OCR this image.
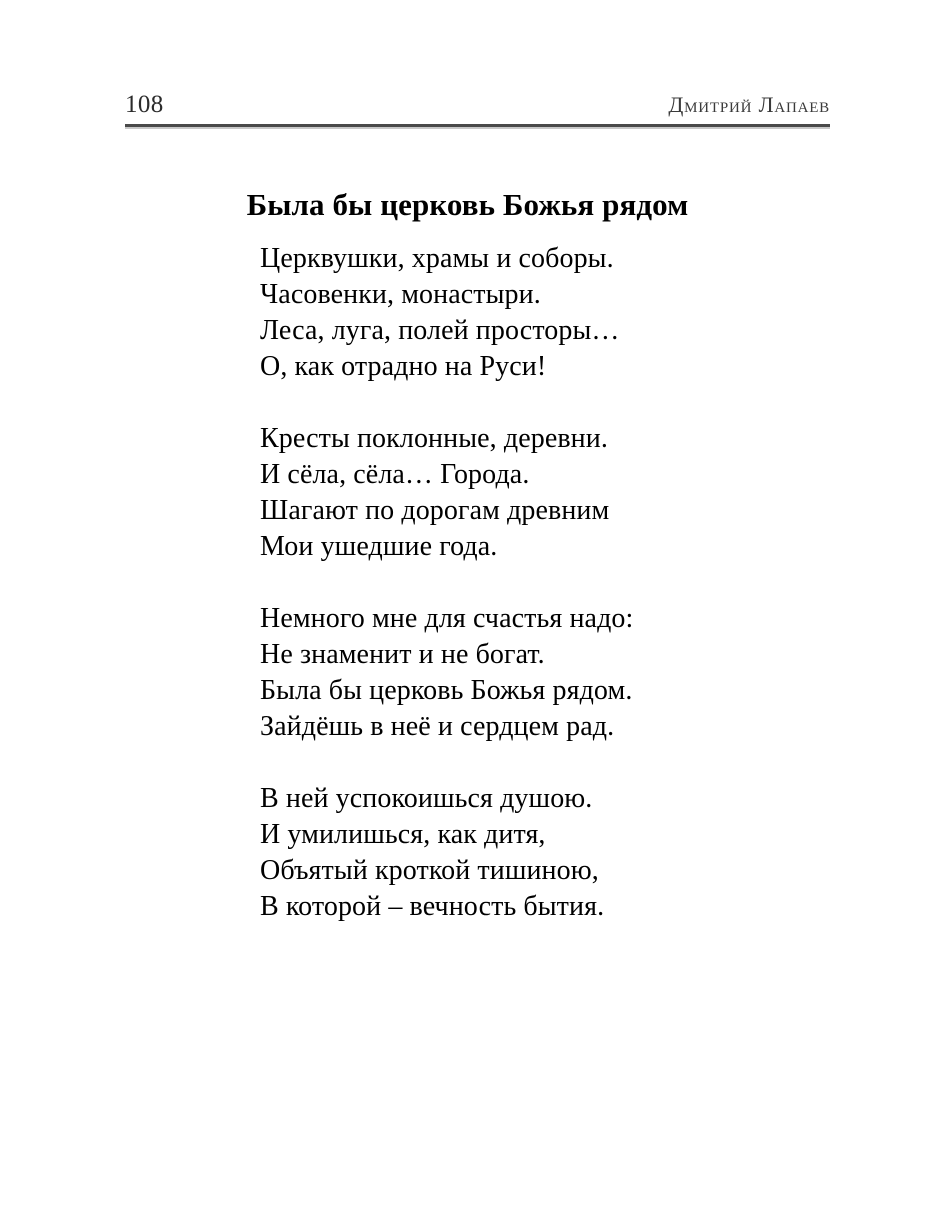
108	Дмитрий Лапаев
Была бы церковь Божья рядом
Церквушки, храмы и соборы.
Часовенки, монастыри.
Леса, луга, полей просторы…
О, как отрадно на Руси!
Кресты поклонные, деревни.
И сёла, сёла… Города.
Шагают по дорогам древним
Мои ушедшие года.
Немного мне для счастья надо:
Не знаменит и не богат.
Была бы церковь Божья рядом.
Зайдёшь в неё и сердцем рад.
В ней успокоишься душою.
И умилишься, как дитя,
Объятый кроткой тишиною,
В которой – вечность бытия.
